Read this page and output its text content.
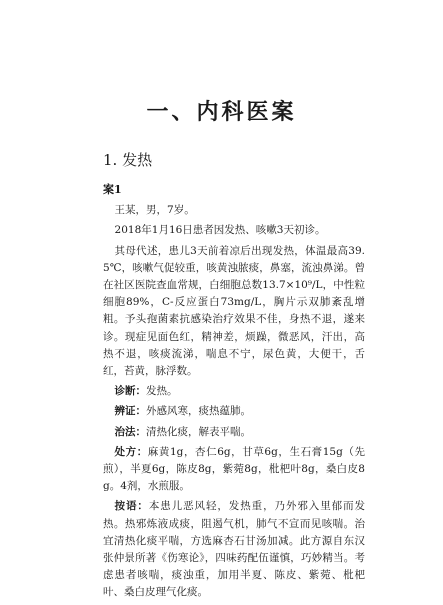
一、内科医案
1. 发热
案1

王某，男，7岁。

2018年1月16日患者因发热、咳嗽3天初诊。

其母代述，患儿3天前着凉后出现发热，体温最高39.5℃，咳嗽气促较重，咳黄浊脓痰，鼻塞，流浊鼻涕。曾在社区医院查血常规，白细胞总数13.7×10⁹/L，中性粒细胞89%，C-反应蛋白73mg/L，胸片示双肺紊乱增粗。予头孢菌素抗感染治疗效果不佳，身热不退，遂来诊。现症见面色红，精神差，烦躁，微恶风，汗出，高热不退，咳痰流涕，喘息不宁，尿色黄，大便干，舌红，苔黄，脉浮数。

诊断：发热。

辨证：外感风寒，痰热蕴肺。

治法：清热化痰，解表平喘。

处方：麻黄1g，杏仁6g，甘草6g，生石膏15g（先煎），半夏6g，陈皮8g，紫菀8g，枇杷叶8g，桑白皮8g。4剂，水煎服。

按语：本患儿恶风轻，发热重，乃外邪入里郁而发热。热邪炼液成痰，阻遏气机，肺气不宣而见咳喘。治宜清热化痰平喘，方选麻杏石甘汤加减。此方源自东汉张仲景所著《伤寒论》，四味药配伍谨慎，巧妙精当。考虑患者咳喘，痰浊重，加用半夏、陈皮、紫菀、枇杷叶、桑白皮理气化痰。
